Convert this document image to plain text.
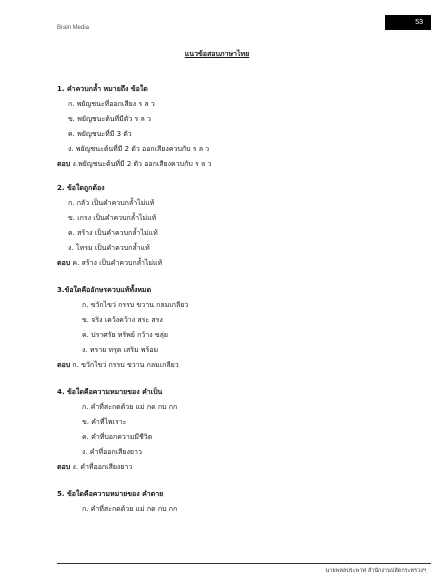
Brain Media
53
แนวข้อสอบภาษาไทย
1. คำควบกล้ำ หมายถึง ข้อใด
ก. พยัญชนะที่ออกเสียง ร ล ว
ข. พยัญชนะต้นที่มีตัว ร ล ว
ค. พยัญชนะที่มี 3 ตัว
ง. พยัญชนะต้นที่มี 2 ตัว ออกเสียงควบกับ ร ล ว
ตอบ ง.พยัญชนะต้นที่มี 2 ตัว ออกเสียงควบกับ ร ล ว
2. ข้อใดถูกต้อง
ก. กลัว เป็นคำควบกล้ำไม่แท้
ข. เกรง เป็นคำควบกล้ำไม่แท้
ค. สร้าง เป็นคำควบกล้ำไม่แท้
ง. โทรม เป็นคำควบกล้ำแท้
ตอบ ค. สร้าง เป็นคำควบกล้ำไม่แท้
3.ข้อใดคืออักษรควบแท้ทั้งหมด
ก. ขวักไขว่ กรรบ ขวาน กลมเกลียว
ข. จริง เคว้งคว้าง สระ สรง
ค. ปราศรัย ทรัพย์ กว้าง ขลุ่ย
ง. ทราย ทรุด เสริม พร้อม
ตอบ ก. ขวักไขว่ กรรบ ขวาน กลมเกลียว
4. ข้อใดคือความหมายของ คำเป็น
ก. คำที่สะกดด้วย แม่ กด กบ กก
ข. คำที่ไพเราะ
ค. คำที่บอกความมีชีวิต
ง. คำที่ออกเสียงยาว
ตอบ ง. คำที่ออกเสียงยาว
5. ข้อใดคือความหมายของ คำตาย
ก. คำที่สะกดด้วย แม่ กด กบ กก
นายพหลประพาฬ สำนักงานปลัดกระทรวงฯ
